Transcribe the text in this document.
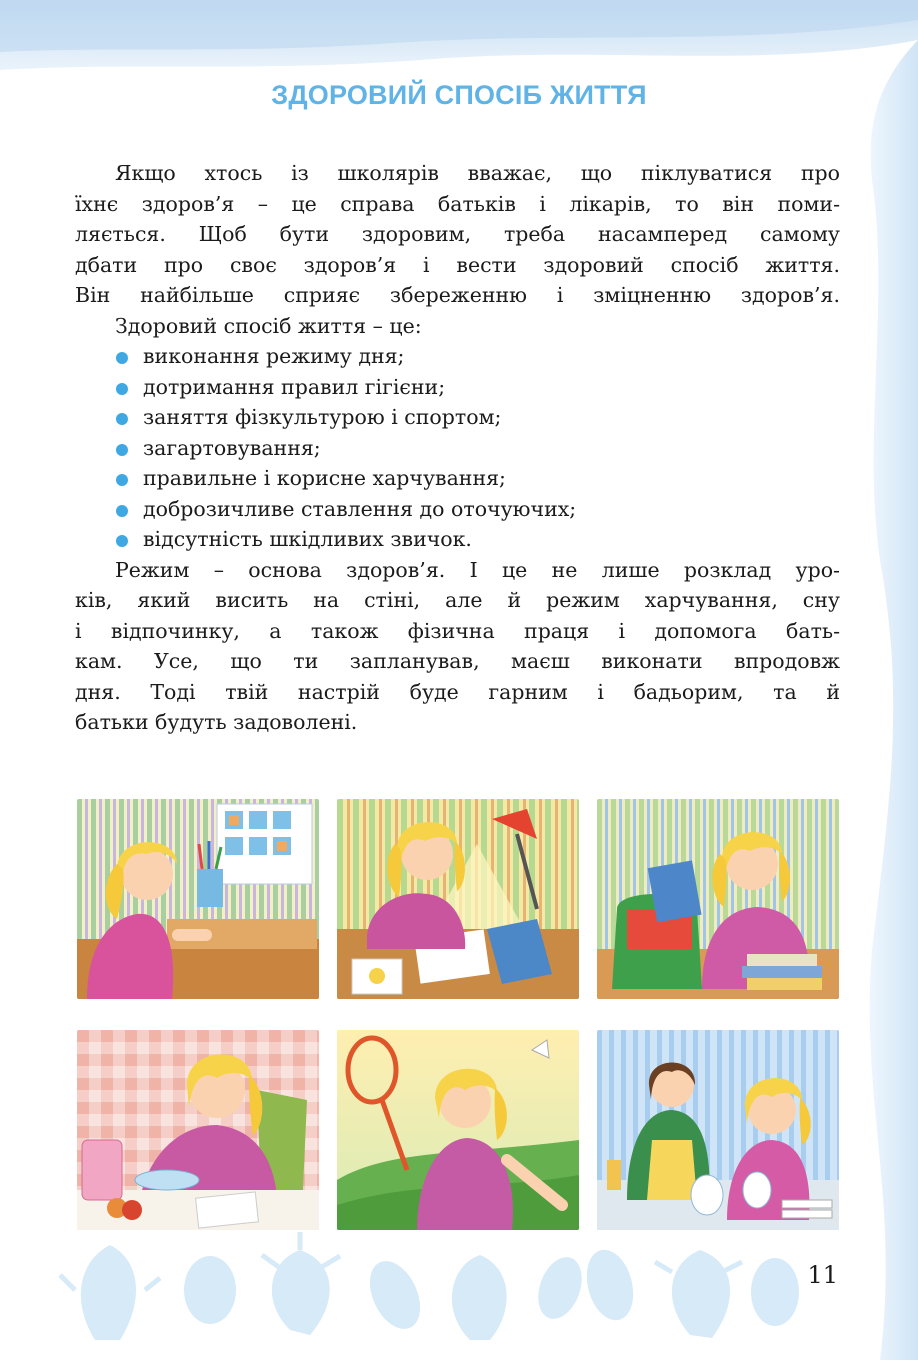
ЗДОРОВИЙ СПОСІБ ЖИТТЯ
Якщо хтось із школярів вважає, що піклуватися про
їхнє здоров’я – це справа батьків і лікарів, то він поми-
ляється. Щоб бути здоровим, треба насамперед самому
дбати про своє здоров’я і вести здоровий спосіб життя.
Він найбільше сприяє збереженню і зміцненню здоров’я.
Здоровий спосіб життя – це:
виконання режиму дня;
дотримання правил гігієни;
заняття фізкультурою і спортом;
загартовування;
правильне і корисне харчування;
доброзичливе ставлення до оточуючих;
відсутність шкідливих звичок.
Режим – основа здоров’я. І це не лише розклад уро-
ків, який висить на стіні, але й режим харчування, сну
і відпочинку, а також фізична праця і допомога бать-
кам. Усе, що ти запланував, маєш виконати впродовж
дня. Тоді твій настрій буде гарним і бадьорим, та й
батьки будуть задоволені.
11
